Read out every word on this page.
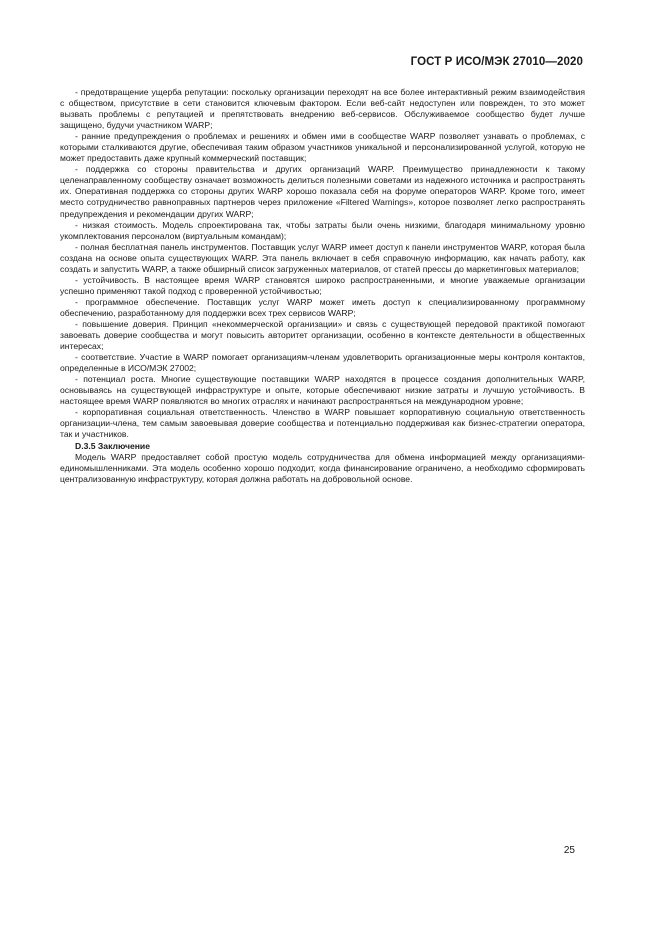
ГОСТ Р ИСО/МЭК 27010—2020

- предотвращение ущерба репутации: поскольку организации переходят на все более интерактивный режим взаимодействия с обществом, присутствие в сети становится ключевым фактором. Если веб-сайт недоступен или поврежден, то это может вызвать проблемы с репутацией и препятствовать внедрению веб-сервисов. Обслуживаемое сообщество будет лучше защищено, будучи участником WARP;

- ранние предупреждения о проблемах и решениях и обмен ими в сообществе WARP позволяет узнавать о проблемах, с которыми сталкиваются другие, обеспечивая таким образом участников уникальной и персонализированной услугой, которую не может предоставить даже крупный коммерческий поставщик;

- поддержка со стороны правительства и других организаций WARP. Преимущество принадлежности к такому целенаправленному сообществу означает возможность делиться полезными советами из надежного источника и распространять их. Оперативная поддержка со стороны других WARP хорошо показала себя на форуме операторов WARP. Кроме того, имеет место сотрудничество равноправных партнеров через приложение «Filtered Warnings», которое позволяет легко распространять предупреждения и рекомендации других WARP;

- низкая стоимость. Модель спроектирована так, чтобы затраты были очень низкими, благодаря минимальному уровню укомплектования персоналом (виртуальным командам);

- полная бесплатная панель инструментов. Поставщик услуг WARP имеет доступ к панели инструментов WARP, которая была создана на основе опыта существующих WARP. Эта панель включает в себя справочную информацию, как начать работу, как создать и запустить WARP, а также обширный список загруженных материалов, от статей прессы до маркетинговых материалов;

- устойчивость. В настоящее время WARP становятся широко распространенными, и многие уважаемые организации успешно применяют такой подход с проверенной устойчивостью;

- программное обеспечение. Поставщик услуг WARP может иметь доступ к специализированному программному обеспечению, разработанному для поддержки всех трех сервисов WARP;

- повышение доверия. Принцип «некоммерческой организации» и связь с существующей передовой практикой помогают завоевать доверие сообщества и могут повысить авторитет организации, особенно в контексте деятельности в общественных интересах;

- соответствие. Участие в WARP помогает организациям-членам удовлетворить организационные меры контроля контактов, определенные в ИСО/МЭК 27002;

- потенциал роста. Многие существующие поставщики WARP находятся в процессе создания дополнительных WARP, основываясь на существующей инфраструктуре и опыте, которые обеспечивают низкие затраты и лучшую устойчивость. В настоящее время WARP появляются во многих отраслях и начинают распространяться на международном уровне;

- корпоративная социальная ответственность. Членство в WARP повышает корпоративную социальную ответственность организации-члена, тем самым завоевывая доверие сообщества и потенциально поддерживая как бизнес-стратегии оператора, так и участников.

D.3.5 Заключение

Модель WARP предоставляет собой простую модель сотрудничества для обмена информацией между организациями-единомышленниками. Эта модель особенно хорошо подходит, когда финансирование ограничено, а необходимо сформировать централизованную инфраструктуру, которая должна работать на добровольной основе.

25
